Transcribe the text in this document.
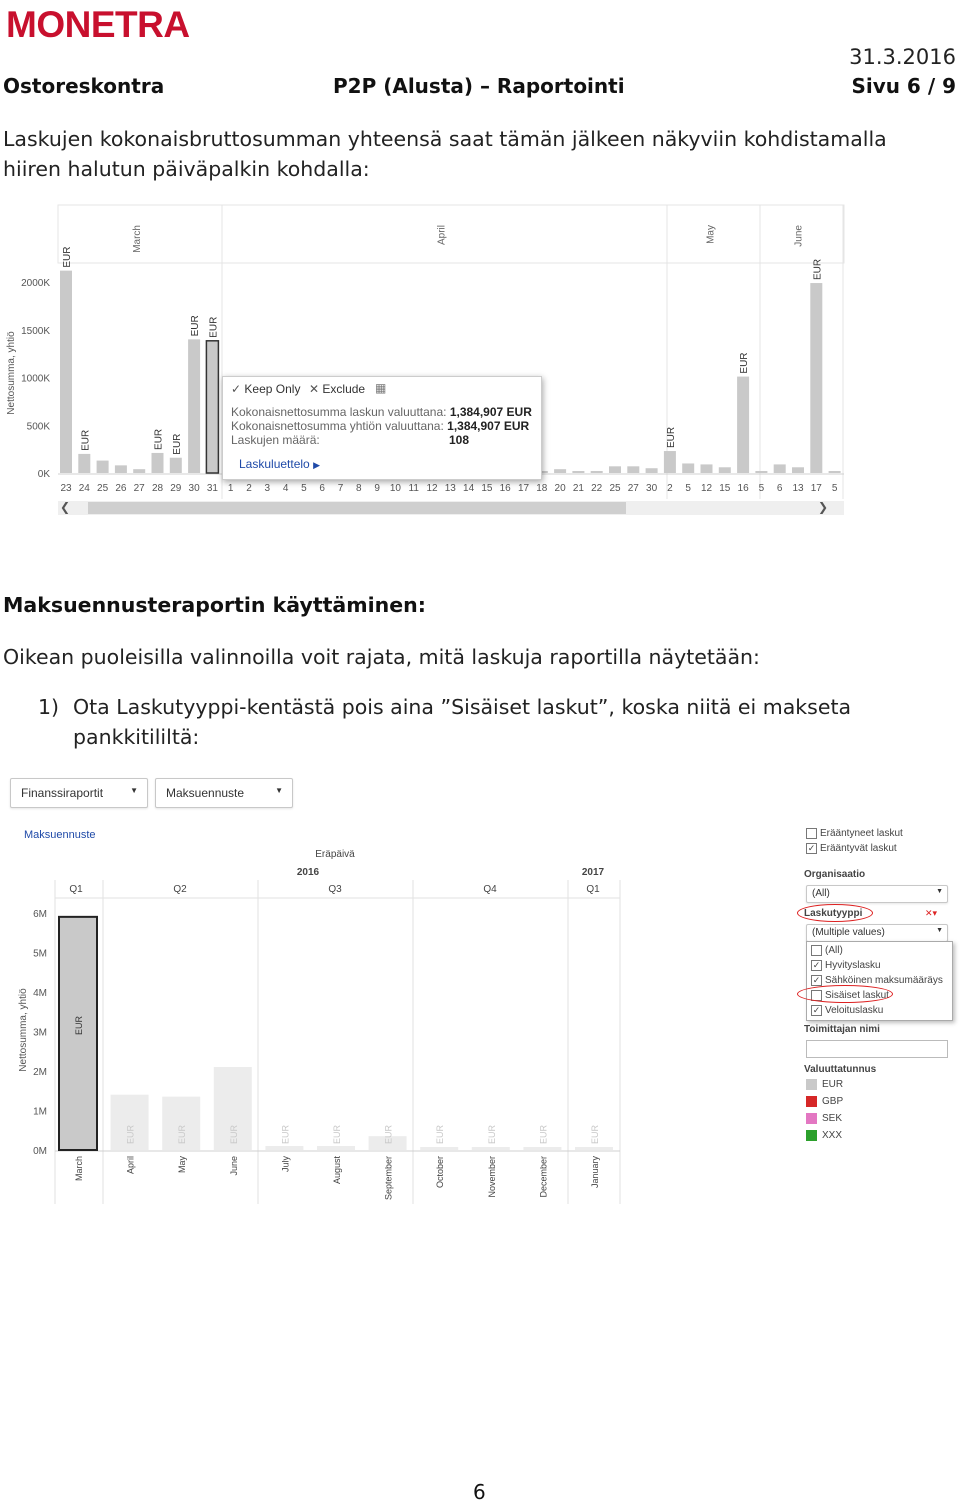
MONETRA
31.3.2016
Ostoreskontra	P2P (Alusta) – Raportointi	Sivu 6 / 9
Laskujen kokonaisbruttosumman yhteensä saat tämän jälkeen näkyviin kohdistamalla
hiiren halutun päiväpalkin kohdalla:
March	April	May	June
0K
500K
1000K
1500K
2000K
Nettosumma, yhtiö
EUR
23
EUR
24 25 26 27
EUR
28
EUR
29
EUR
30
EUR
31 1 2 3 4 5 6 7 8 9 10 11 12 13 14 15 16 17 18 20 21 22 25 27 30
EUR
2 5 12 15
EUR
16 5 6 13
EUR
17 5
✓ Keep Only ✕ Exclude ▦
Kokonaisnettosumma laskun valuuttana: 1,384,907 EUR
Kokonaisnettosumma yhtiön valuuttana: 1,384,907 EUR
Laskujen määrä:	108
Laskuluettelo ▶
❮	❯
Maksuennusteraportin käyttäminen:
Oikean puoleisilla valinnoilla voit rajata, mitä laskuja raportilla näytetään:
1) Ota Laskutyyppi-kentästä pois aina ”Sisäiset laskut”, koska niitä ei makseta
pankkitililtä:
Finanssiraportit	▼ Maksuennuste	▼
Maksuennuste
Eräpäivä
2016	2017
Q1	Q2	Q3	Q4	Q1
0M
1M
2M
3M
4M
5M
6M
Nettosumma, yhtiö	EUR
March
EUR
April
EUR
May
EUR
June
EUR
July
EUR
August
EUR
September
EUR
October
EUR
November
EUR
December
EUR
January
Erääntyneet laskut
✓ Erääntyvät laskut
Organisaatio
(All)	▼
Laskutyyppi	✕▾
(Multiple values)	▼
(All)
✓ Hyvityslasku
✓ Sähköinen maksumääräys
Sisäiset laskut
✓ Veloituslasku
Toimittajan nimi
Valuuttatunnus
EUR
GBP
SEK
XXX
6
